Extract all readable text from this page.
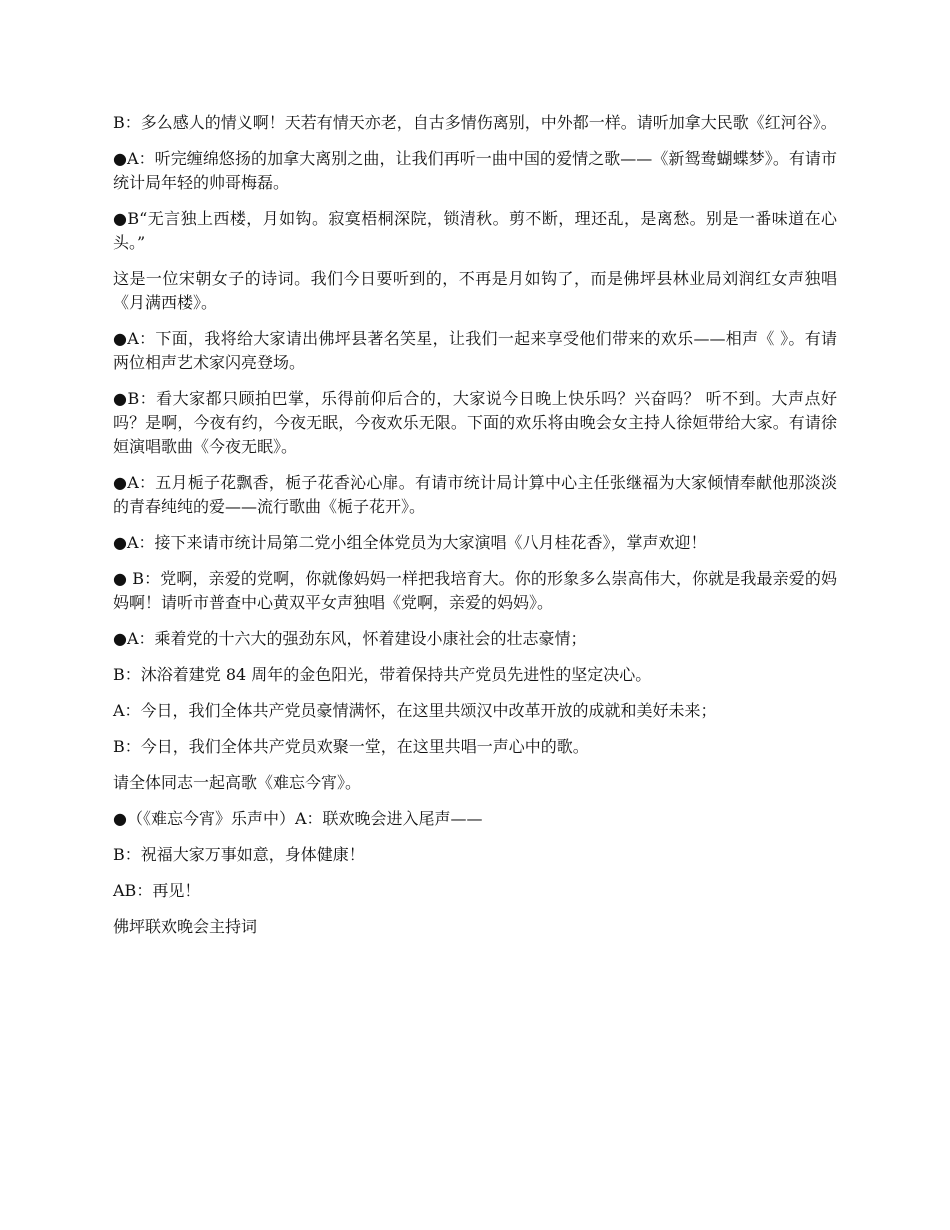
B：多么感人的情义啊！天若有情天亦老，自古多情伤离别，中外都一样。请听加拿大民歌《红河谷》。

●A：听完缠绵悠扬的加拿大离别之曲，让我们再听一曲中国的爱情之歌——《新鸳鸯蝴蝶梦》。有请市统计局年轻的帅哥梅磊。

●B“无言独上西楼，月如钩。寂寞梧桐深院，锁清秋。剪不断，理还乱，是离愁。别是一番味道在心头。”

这是一位宋朝女子的诗词。我们今日要听到的，不再是月如钩了，而是佛坪县林业局刘润红女声独唱《月满西楼》。

●A：下面，我将给大家请出佛坪县著名笑星，让我们一起来享受他们带来的欢乐——相声《 》。有请两位相声艺术家闪亮登场。

●B：看大家都只顾拍巴掌，乐得前仰后合的，大家说今日晚上快乐吗？兴奋吗？ 听不到。大声点好吗？是啊，今夜有约，今夜无眠，今夜欢乐无限。下面的欢乐将由晚会女主持人徐姮带给大家。有请徐姮演唱歌曲《今夜无眠》。

●A：五月栀子花飘香，栀子花香沁心扉。有请市统计局计算中心主任张继福为大家倾情奉献他那淡淡的青春纯纯的爱——流行歌曲《栀子花开》。

●A：接下来请市统计局第二党小组全体党员为大家演唱《八月桂花香》，掌声欢迎！

● B：党啊，亲爱的党啊，你就像妈妈一样把我培育大。你的形象多么崇高伟大，你就是我最亲爱的妈妈啊！请听市普查中心黄双平女声独唱《党啊，亲爱的妈妈》。

●A：乘着党的十六大的强劲东风，怀着建设小康社会的壮志豪情；

B：沐浴着建党 84 周年的金色阳光，带着保持共产党员先进性的坚定决心。

A：今日，我们全体共产党员豪情满怀，在这里共颂汉中改革开放的成就和美好未来；

B：今日，我们全体共产党员欢聚一堂，在这里共唱一声心中的歌。

请全体同志一起高歌《难忘今宵》。

●（《难忘今宵》乐声中）A：联欢晚会进入尾声——

B：祝福大家万事如意，身体健康！

AB：再见！

佛坪联欢晚会主持词
